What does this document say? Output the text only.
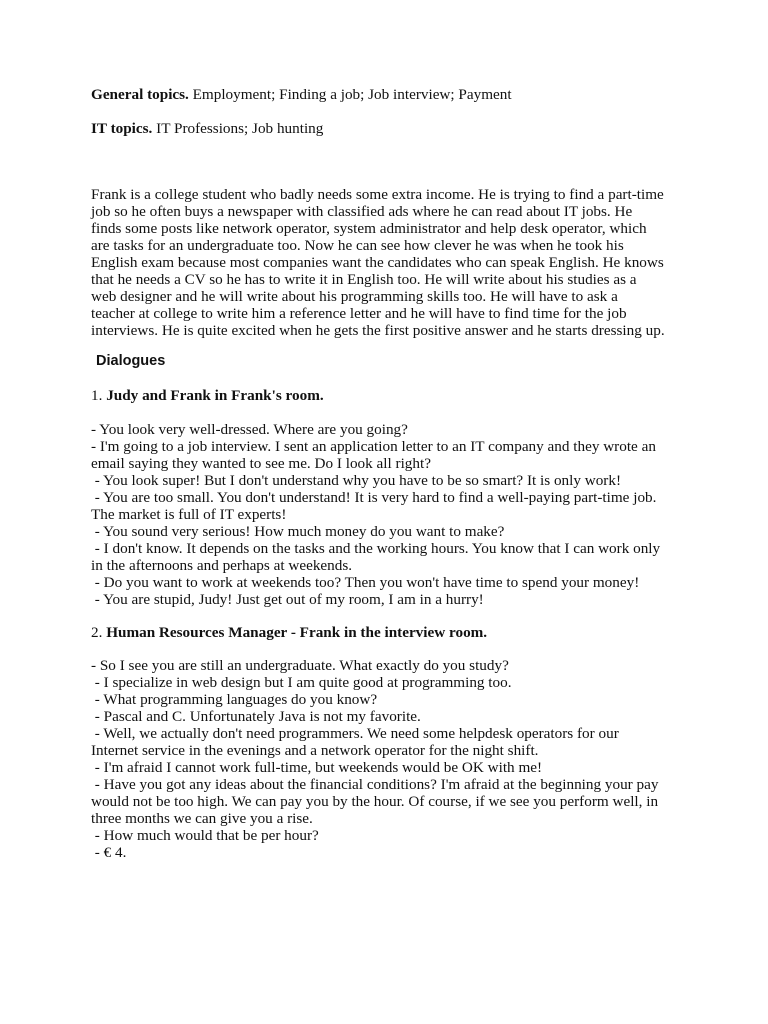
General topics. Employment; Finding a job; Job interview; Payment
IT topics. IT Professions; Job hunting
Frank is a college student who badly needs some extra income. He is trying to find a part-time
job so he often buys a newspaper with classified ads where he can read about IT jobs. He
finds some posts like network operator, system administrator and help desk operator, which
are tasks for an undergraduate too. Now he can see how clever he was when he took his
English exam because most companies want the candidates who can speak English. He knows
that he needs a CV so he has to write it in English too. He will write about his studies as a
web designer and he will write about his programming skills too. He will have to ask a
teacher at college to write him a reference letter and he will have to find time for the job
interviews. He is quite excited when he gets the first positive answer and he starts dressing up.
Dialogues
1. Judy and Frank in Frank's room.
- You look very well-dressed. Where are you going?
- I'm going to a job interview. I sent an application letter to an IT company and they wrote an
email saying they wanted to see me. Do I look all right?
- You look super! But I don't understand why you have to be so smart? It is only work!
- You are too small. You don't understand! It is very hard to find a well-paying part-time job.
The market is full of IT experts!
- You sound very serious! How much money do you want to make?
- I don't know. It depends on the tasks and the working hours. You know that I can work only
in the afternoons and perhaps at weekends.
- Do you want to work at weekends too? Then you won't have time to spend your money!
- You are stupid, Judy! Just get out of my room, I am in a hurry!
2. Human Resources Manager - Frank in the interview room.
- So I see you are still an undergraduate. What exactly do you study?
- I specialize in web design but I am quite good at programming too.
- What programming languages do you know?
- Pascal and C. Unfortunately Java is not my favorite.
- Well, we actually don't need programmers. We need some helpdesk operators for our
Internet service in the evenings and a network operator for the night shift.
- I'm afraid I cannot work full-time, but weekends would be OK with me!
- Have you got any ideas about the financial conditions? I'm afraid at the beginning your pay
would not be too high. We can pay you by the hour. Of course, if we see you perform well, in
three months we can give you a rise.
- How much would that be per hour?
- € 4.
